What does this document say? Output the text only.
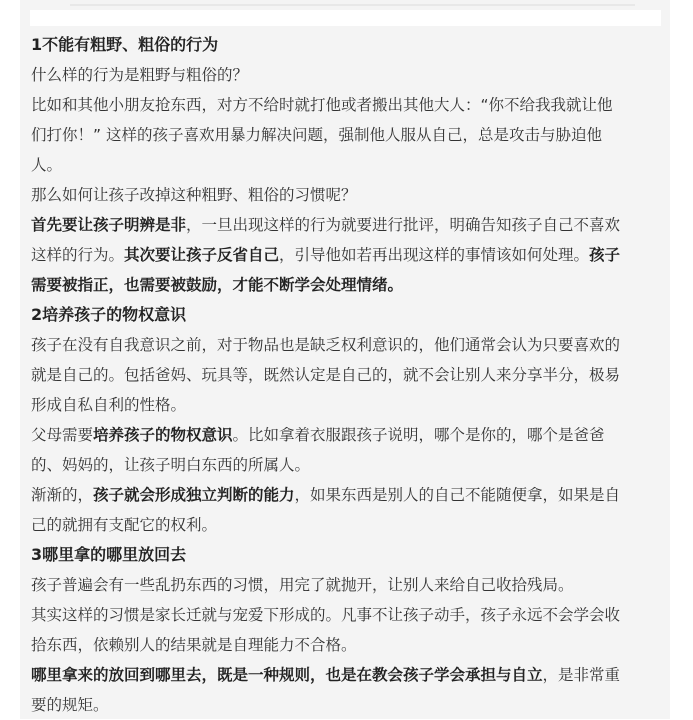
1不能有粗野、粗俗的行为
什么样的行为是粗野与粗俗的？
比如和其他小朋友抢东西，对方不给时就打他或者搬出其他大人：“你不给我我就让他
们打你！” 这样的孩子喜欢用暴力解决问题，强制他人服从自己，总是攻击与胁迫他
人。
那么如何让孩子改掉这种粗野、粗俗的习惯呢？
首先要让孩子明辨是非，一旦出现这样的行为就要进行批评，明确告知孩子自己不喜欢
这样的行为。其次要让孩子反省自己，引导他如若再出现这样的事情该如何处理。孩子
需要被指正，也需要被鼓励，才能不断学会处理情绪。
2培养孩子的物权意识
孩子在没有自我意识之前，对于物品也是缺乏权利意识的，他们通常会认为只要喜欢的
就是自己的。包括爸妈、玩具等，既然认定是自己的，就不会让别人来分享半分，极易
形成自私自利的性格。
父母需要培养孩子的物权意识。比如拿着衣服跟孩子说明，哪个是你的，哪个是爸爸
的、妈妈的，让孩子明白东西的所属人。
渐渐的，孩子就会形成独立判断的能力，如果东西是别人的自己不能随便拿，如果是自
己的就拥有支配它的权利。
3哪里拿的哪里放回去
孩子普遍会有一些乱扔东西的习惯，用完了就抛开，让别人来给自己收拾残局。
其实这样的习惯是家长迁就与宠爱下形成的。凡事不让孩子动手，孩子永远不会学会收
拾东西，依赖别人的结果就是自理能力不合格。
哪里拿来的放回到哪里去，既是一种规则，也是在教会孩子学会承担与自立，是非常重
要的规矩。
